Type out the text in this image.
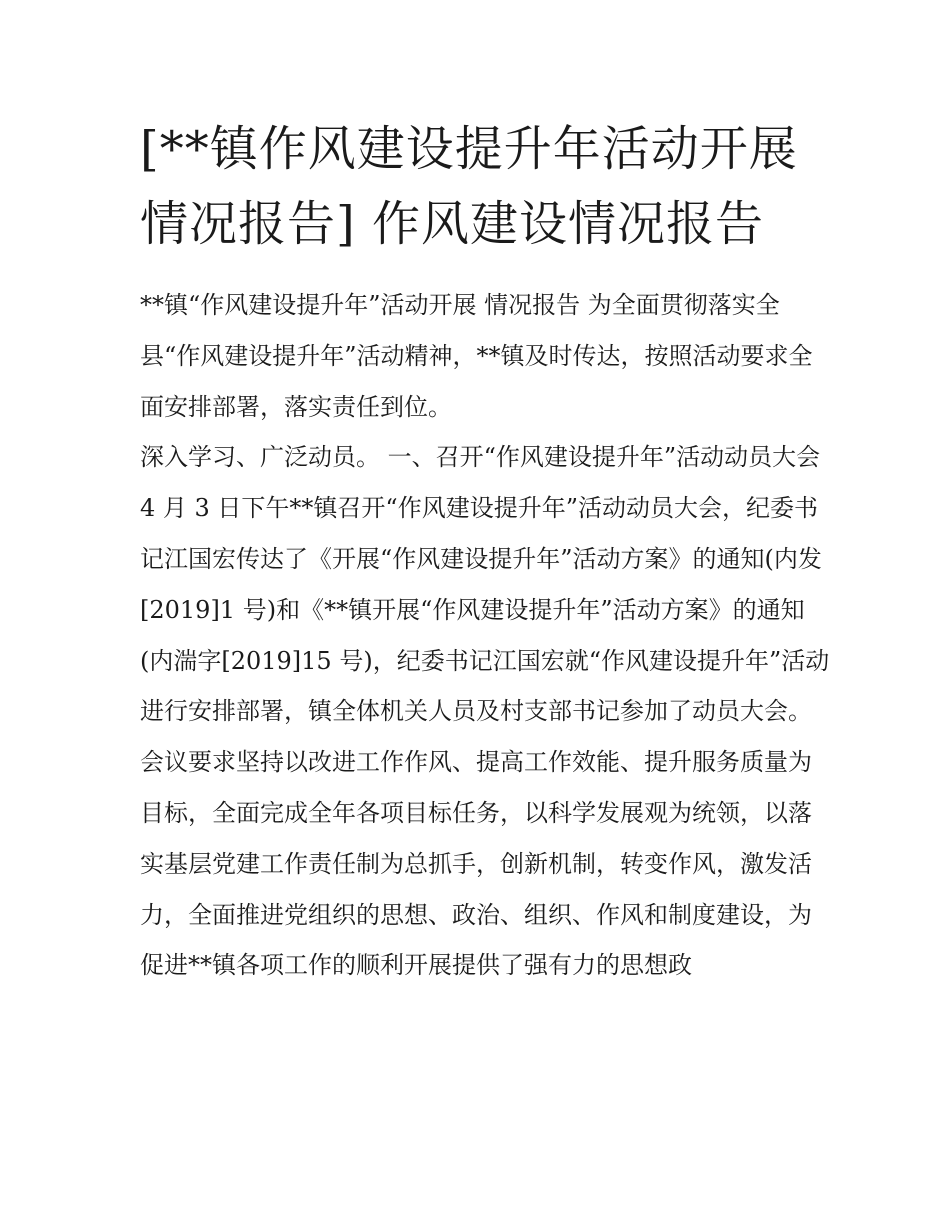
[**镇作风建设提升年活动开展情况报告] 作风建设情况报告

**镇“作风建设提升年”活动开展 情况报告 为全面贯彻落实全县“作风建设提升年”活动精神，**镇及时传达，按照活动要求全面安排部署，落实责任到位。

深入学习、广泛动员。 一、召开“作风建设提升年”活动动员大会

4 月 3 日下午**镇召开“作风建设提升年”活动动员大会，纪委书记江国宏传达了《开展“作风建设提升年”活动方案》的通知(内发[2019]1 号)和《**镇开展“作风建设提升年”活动方案》的通知(内湍字[2019]15 号)，纪委书记江国宏就“作风建设提升年”活动进行安排部署，镇全体机关人员及村支部书记参加了动员大会。

会议要求坚持以改进工作作风、提高工作效能、提升服务质量为目标，全面完成全年各项目标任务，以科学发展观为统领，以落实基层党建工作责任制为总抓手，创新机制，转变作风，激发活力，全面推进党组织的思想、政治、组织、作风和制度建设，为促进**镇各项工作的顺利开展提供了强有力的思想政
